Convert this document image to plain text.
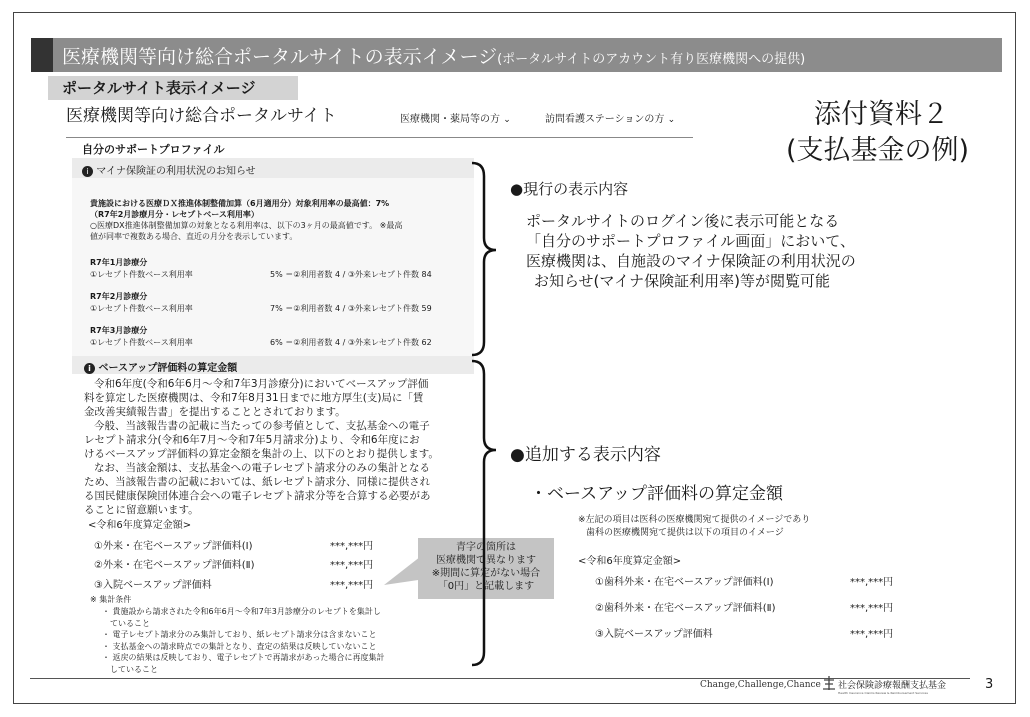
医療機関等向け総合ポータルサイトの表示イメージ(ポータルサイトのアカウント有り医療機関への提供)
ポータルサイト表示イメージ
添付資料２
(支払基金の例)
医療機関等向け総合ポータルサイト	医療機関・薬局等の方 ⌄	訪問看護ステーションの方 ⌄
自分のサポートプロファイル
i マイナ保険証の利用状況のお知らせ
貴施設における医療ＤＸ推進体制整備加算（6月適用分）対象利用率の最高値：7%
（R7年2月診療月分・レセプトベース利用率）
○医療DX推進体制整備加算の対象となる利用率は、以下の3ヶ月の最高値です。 ※最高
値が同率で複数ある場合、直近の月分を表示しています。
R7年1月診療分
①レセプト件数ベース利用率	5% ＝②利用者数 4 / ③外来レセプト件数 84
R7年2月診療分
①レセプト件数ベース利用率	7% ＝②利用者数 4 / ③外来レセプト件数 59
R7年3月診療分
①レセプト件数ベース利用率	6% ＝②利用者数 4 / ③外来レセプト件数 62
i ベースアップ評価料の算定金額
令和6年度(令和6年6月～令和7年3月診療分)においてベースアップ評価
料を算定した医療機関は、令和7年8月31日までに地方厚生(支)局に「賃
金改善実績報告書」を提出することとされております。
今般、当該報告書の記載に当たっての参考値として、支払基金への電子
レセプト請求分(令和6年7月～令和7年5月請求分)より、令和6年度にお
けるベースアップ評価料の算定金額を集計の上、以下のとおり提供します。
なお、当該金額は、支払基金への電子レセプト請求分のみの集計となる
ため、当該報告書の記載においては、紙レセプト請求分、同様に提供され
る国民健康保険団体連合会への電子レセプト請求分等を合算する必要があ
ることに留意願います。
<令和6年度算定金額>
①外来・在宅ベースアップ評価料(Ⅰ)	***,***円
②外来・在宅ベースアップ評価料(Ⅱ)	***,***円
③入院ベースアップ評価料	***,***円
※ 集計条件
・ 貴施設から請求された令和6年6月～令和7年3月診療分のレセプトを集計し
　ていること
・ 電子レセプト請求分のみ集計しており、紙レセプト請求分は含まないこと
・ 支払基金への請求時点での集計となり、査定の結果は反映していないこと
・ 返戻の結果は反映しており、電子レセプトで再請求があった場合に再度集計
　していること
青字の箇所は
医療機関で異なります
※期間に算定がない場合
「0円」と記載します
●現行の表示内容
ポータルサイトのログイン後に表示可能となる
「自分のサポートプロファイル画面」において、
医療機関は、自施設のマイナ保険証の利用状況の
お知らせ(マイナ保険証利用率)等が閲覧可能
●追加する表示内容
・ベースアップ評価料の算定金額
※左記の項目は医科の医療機関宛て提供のイメージであり
歯科の医療機関宛て提供は以下の項目のイメージ
<令和6年度算定金額>
①歯科外来・在宅ベースアップ評価料(Ⅰ)	***,***円
②歯科外来・在宅ベースアップ評価料(Ⅱ)	***,***円
③入院ベースアップ評価料	***,***円
Change,Challenge,Chance 社会保険診療報酬支払基金
Health Insurance Claims Review & Reimbursement Services
3
